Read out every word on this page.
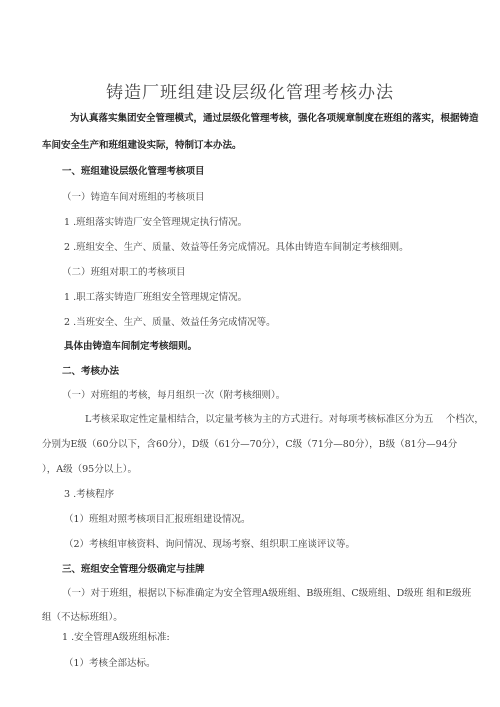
铸造厂班组建设层级化管理考核办法
为认真落实集团安全管理模式，通过层级化管理考核，强化各项规章制度在班组的落实，根据铸造
车间安全生产和班组建设实际，特制订本办法。
一、班组建设层级化管理考核项目
（一）铸造车间对班组的考核项目
1 .班组落实铸造厂安全管理规定执行情况。
2 .班组安全、生产、质量、效益等任务完成情况。具体由铸造车间制定考核细则。
（二）班组对职工的考核项目
1 .职工落实铸造厂班组安全管理规定情况。
2 .当班安全、生产、质量、效益任务完成情况等。
具体由铸造车间制定考核细则。
二、考核办法
（一）对班组的考核，每月组织一次（附考核细则）。
L考核采取定性定量相结合，以定量考核为主的方式进行。对每项考核标准区分为五　 个档次，
分别为E级（60分以下，含60分），D级（61分—70分），C级（71分—80分），B级（81分—94分
），A级（95分以上）。
3 .考核程序
（1）班组对照考核项目汇报班组建设情况。
（2）考核组审核资料、询问情况、现场考察、组织职工座谈评议等。
三、班组安全管理分级确定与挂牌
（一）对于班组，根据以下标准确定为安全管理A级班组、B级班组、C级班组、D级班 组和E级班
组（不达标班组）。
1 .安全管理A级班组标准:
（1）考核全部达标。
